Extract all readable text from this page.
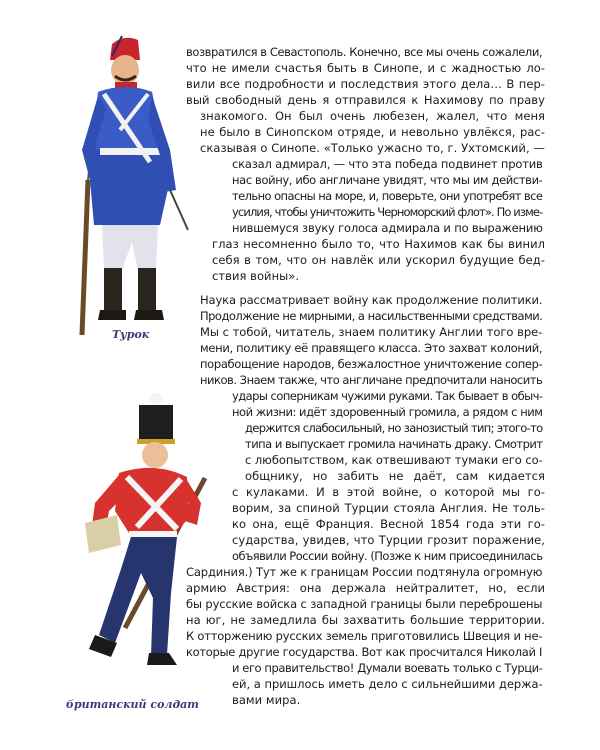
Турок
британский солдат
возвратился в Севастополь. Конечно, все мы очень сожалели,
что не имели счастья быть в Синопе, и с жадностью ло-
вили все подробности и последствия этого дела… В пер-
вый свободный день я отправился к Нахимову по праву
знакомого. Он был очень любезен, жалел, что меня
не было в Синопском отряде, и невольно увлёкся, рас-
сказывая о Синопе. «Только ужасно то, г. Ухтомский, —
сказал адмирал, — что эта победа подвинет против
нас войну, ибо англичане увидят, что мы им действи-
тельно опасны на море, и, поверьте, они употребят все
усилия, чтобы уничтожить Черноморский флот». По изме-
нившемуся звуку голоса адмирала и по выражению
глаз несомненно было то, что Нахимов как бы винил
себя в том, что он навлёк или ускорил будущие бед-
ствия войны».
Наука рассматривает войну как продолжение политики.
Продолжение не мирными, а насильственными средствами.
Мы с тобой, читатель, знаем политику Англии того вре-
мени, политику её правящего класса. Это захват колоний,
порабощение народов, безжалостное уничтожение сопер-
ников. Знаем также, что англичане предпочитали наносить
удары соперникам чужими руками. Так бывает в обыч-
ной жизни: идёт здоровенный громила, а рядом с ним
держится слабосильный, но занозистый тип; этого-то
типа и выпускает громила начинать драку. Смотрит
с любопытством, как отвешивают тумаки его со-
общнику, но забить не даёт, сам кидается
с кулаками. И в этой войне, о которой мы го-
ворим, за спиной Турции стояла Англия. Не толь-
ко она, ещё Франция. Весной 1854 года эти го-
сударства, увидев, что Турции грозит поражение,
объявили России войну. (Позже к ним присоединилась
Сардиния.) Тут же к границам России подтянула огромную
армию Австрия: она держала нейтралитет, но, если
бы русские войска с западной границы были переброшены
на юг, не замедлила бы захватить большие территории.
К отторжению русских земель приготовились Швеция и не-
которые другие государства. Вот как просчитался Николай I
и его правительство! Думали воевать только с Турци-
ей, а пришлось иметь дело с сильнейшими держа-
вами мира.
